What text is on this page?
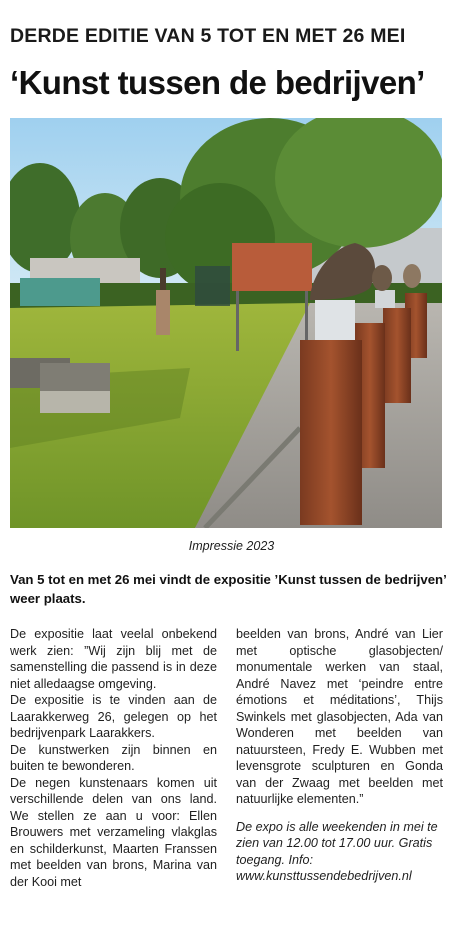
DERDE EDITIE VAN 5 TOT EN MET 26 MEI
‘Kunst tussen de bedrijven’
Impressie 2023
Van 5 tot en met 26 mei vindt de expositie ’Kunst tussen de bedrijven’ weer plaats.

De expositie laat veelal onbekend werk zien: ”Wij zijn blij met de samenstelling die passend is in deze niet alledaagse omgeving.

De expositie is te vinden aan de Laarakkerweg 26, gelegen op het bedrijvenpark Laarakkers.

De kunstwerken zijn binnen en buiten te bewonderen.

De negen kunstenaars komen uit verschillende delen van ons land. We stellen ze aan u voor: Ellen Brouwers met verzameling vlakglas en schilderkunst, Maarten Franssen met beelden van brons, Marina van der Kooi met

beelden van brons, André van Lier met optische glasobjecten/ monumentale werken van staal, André Navez met ‘peindre entre émotions et méditations’, Thijs Swinkels met glasobjecten, Ada van Wonderen met beelden van natuursteen, Fredy E. Wubben met levensgrote sculpturen en Gonda van der Zwaag met beelden met natuurlijke elementen.”

De expo is alle weekenden in mei te zien van 12.00 tot 17.00 uur. Gratis toegang. Info: www.kunsttussendebedrijven.nl
